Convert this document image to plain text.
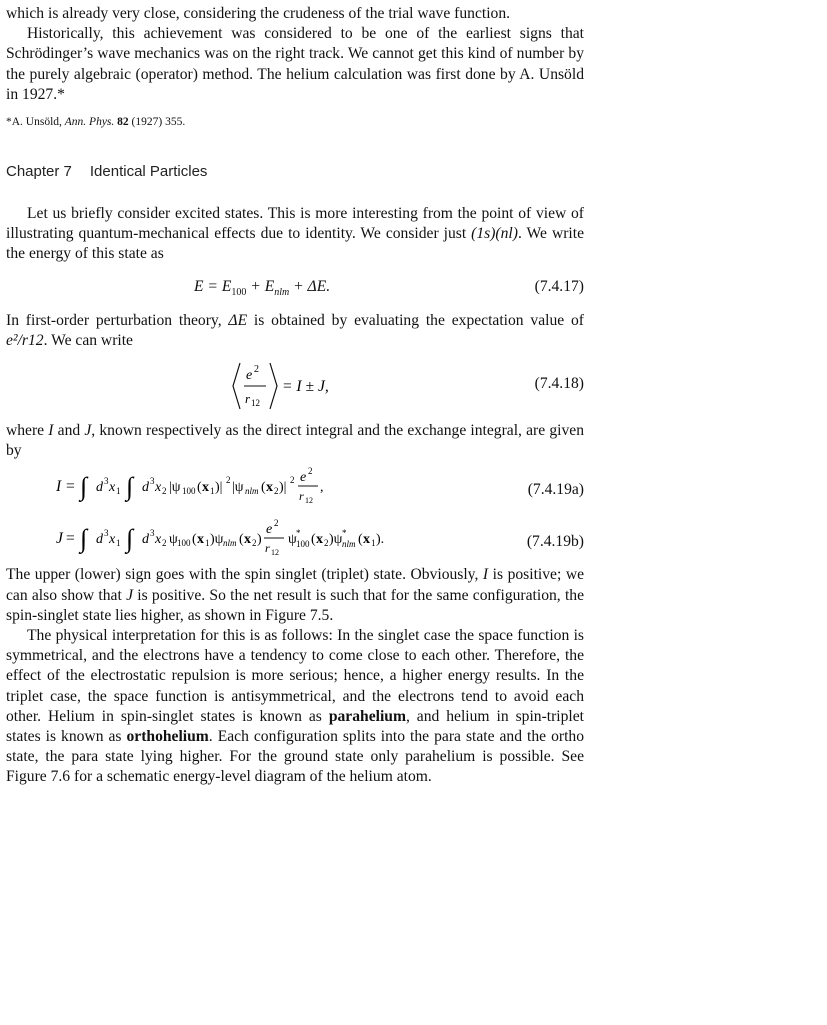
which is already very close, considering the crudeness of the trial wave function.

Historically, this achievement was considered to be one of the earliest signs that Schrödinger’s wave mechanics was on the right track. We cannot get this kind of number by the purely algebraic (operator) method. The helium calculation was first done by A. Unsöld in 1927.*

*A. Unsöld, Ann. Phys. 82 (1927) 355.

Chapter 7 Identical Particles

Let us briefly consider excited states. This is more interesting from the point of view of illustrating quantum-mechanical effects due to identity. We consider just (1s)(nl). We write the energy of this state as

$E = E_{100} + E_{nlm} + \Delta E$.	(7.4.17)

In first-order perturbation theory, ΔE is obtained by evaluating the expectation value of e²/r12. We can write

e 2
r 12
= I ± J,	(7.4.18)

where I and J, known respectively as the direct integral and the exchange integral, are given by

I = ∫ d 3 x 1 ∫ d 3 x 2 |ψ 100 ( x 1 )| 2 |ψ nlm ( x 2 )| 2 e 2
r 12
,
J = ∫ d 3 x 1 ∫ d 3 x 2 ψ 100 ( x 1 )ψ nlm ( x 2 )
e 2
r 12
ψ *
100 ( x 2 )ψ *
nlm ( x 1 ).
(7.4.19a)
(7.4.19b)

The upper (lower) sign goes with the spin singlet (triplet) state. Obviously, I is positive; we can also show that J is positive. So the net result is such that for the same configuration, the spin-singlet state lies higher, as shown in Figure 7.5.

The physical interpretation for this is as follows: In the singlet case the space function is symmetrical, and the electrons have a tendency to come close to each other. Therefore, the effect of the electrostatic repulsion is more serious; hence, a higher energy results. In the triplet case, the space function is antisymmetrical, and the electrons tend to avoid each other. Helium in spin-singlet states is known as parahelium, and helium in spin-triplet states is known as orthohelium. Each configuration splits into the para state and the ortho state, the para state lying higher. For the ground state only parahelium is possible. See Figure 7.6 for a schematic energy-level diagram of the helium atom.
